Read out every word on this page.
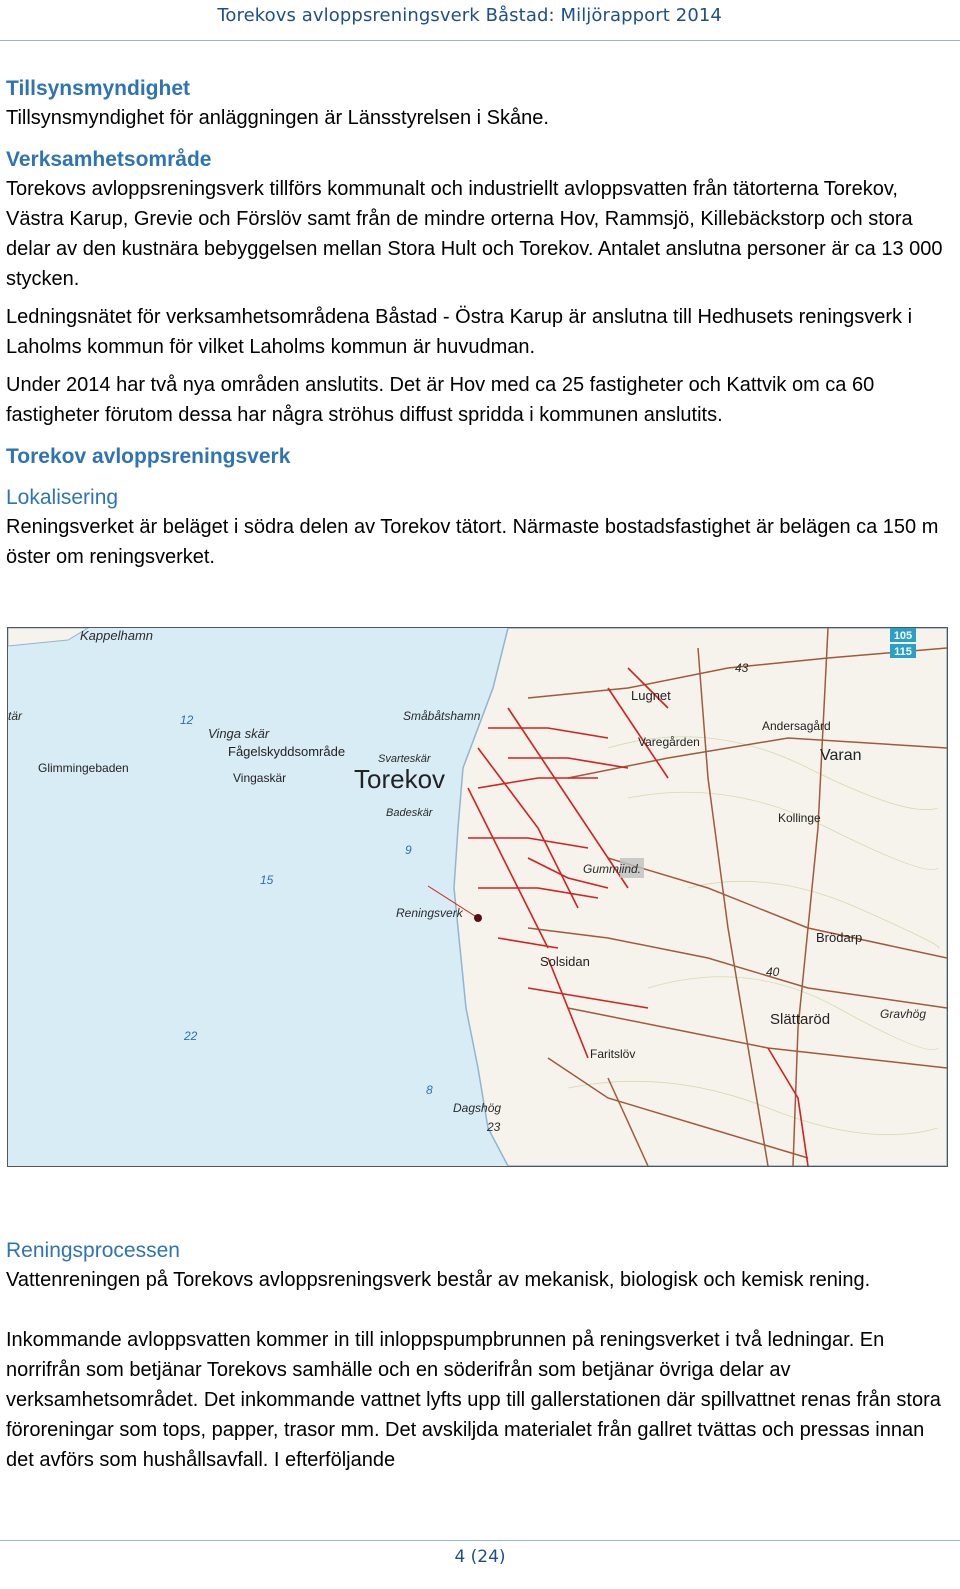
Torekovs avloppsreningsverk Båstad: Miljörapport 2014
Tillsynsmyndighet

Tillsynsmyndighet för anläggningen är Länsstyrelsen i Skåne.

Verksamhetsområde

Torekovs avloppsreningsverk tillförs kommunalt och industriellt avloppsvatten från tätorterna Torekov, Västra Karup, Grevie och Förslöv samt från de mindre orterna Hov, Rammsjö, Killebäckstorp och stora delar av den kustnära bebyggelsen mellan Stora Hult och Torekov. Antalet anslutna personer är ca 13 000 stycken.

Ledningsnätet för verksamhetsområdena Båstad - Östra Karup är anslutna till Hedhusets reningsverk i Laholms kommun för vilket Laholms kommun är huvudman.

Under 2014 har två nya områden anslutits. Det är Hov med ca 25 fastigheter och Kattvik om ca 60 fastigheter förutom dessa har några ströhus diffust spridda i kommunen anslutits.

Torekov avloppsreningsverk
Lokalisering

Reningsverket är beläget i södra delen av Torekov tätort. Närmaste bostadsfastighet är belägen ca 150 m öster om reningsverket.

105
115
Kappelhamn
tär
Vinga skär
Fågelskyddsområde
Vingaskär
Glimmingebaden
Småbåtshamn
Svarteskär
Torekov
Badeskär
Lugnet
Andersagård
Varegården
Varan
Kollinge
Gummiind.
Reningsverk
Brödarp
Solsidan
Slättaröd	Gravhög
Faritslöv
Dagshög
12
15
9
22
8
43
40
23
Reningsprocessen

Vattenreningen på Torekovs avloppsreningsverk består av mekanisk, biologisk och kemisk rening.

Inkommande avloppsvatten kommer in till inloppspumpbrunnen på reningsverket i två ledningar. En norrifrån som betjänar Torekovs samhälle och en söderifrån som betjänar övriga delar av verksamhetsområdet. Det inkommande vattnet lyfts upp till gallerstationen där spillvattnet renas från stora föroreningar som tops, papper, trasor mm. Det avskiljda materialet från gallret tvättas och pressas innan det avförs som hushållsavfall. I efterföljande

4 (24)
